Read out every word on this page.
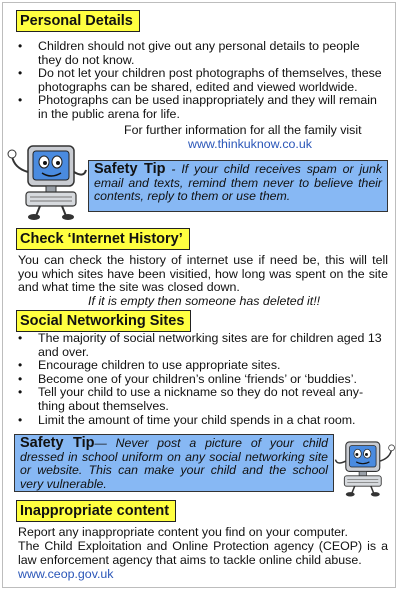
Personal Details
• Children should not give out any personal details to people they do not know.
• Do not let your children post photographs of themselves, these photographs can be shared, edited and viewed worldwide.
• Photographs can be used inappropriately and they will remain in the public arena for life.
For further information for all the family visit
www.thinkuknow.co.uk
Safety Tip - If your child receives spam or junk email and texts, remind them never to believe their contents, reply to them or use them.
Check ‘Internet History’
You can check the history of internet use if need be, this will tell you which sites have been visitied, how long was spent on the site and what time the site was closed down.
If it is empty then someone has deleted it!!
Social Networking Sites
• The majority of social networking sites are for children aged 13 and over.
• Encourage children to use appropriate sites.
• Become one of your children’s online ‘friends’ or ‘buddies’.
• Tell your child to use a nickname so they do not reveal any-thing about themselves.
• Limit the amount of time your child spends in a chat room.
Safety Tip— Never post a picture of your child dressed in school uniform on any social networking site or website. This can make your child and the school very vulnerable.
Inappropriate content
Report any inappropriate content you find on your computer.
The Child Exploitation and Online Protection agency (CEOP) is a law enforcement agency that aims to tackle online child abuse.
www.ceop.gov.uk
